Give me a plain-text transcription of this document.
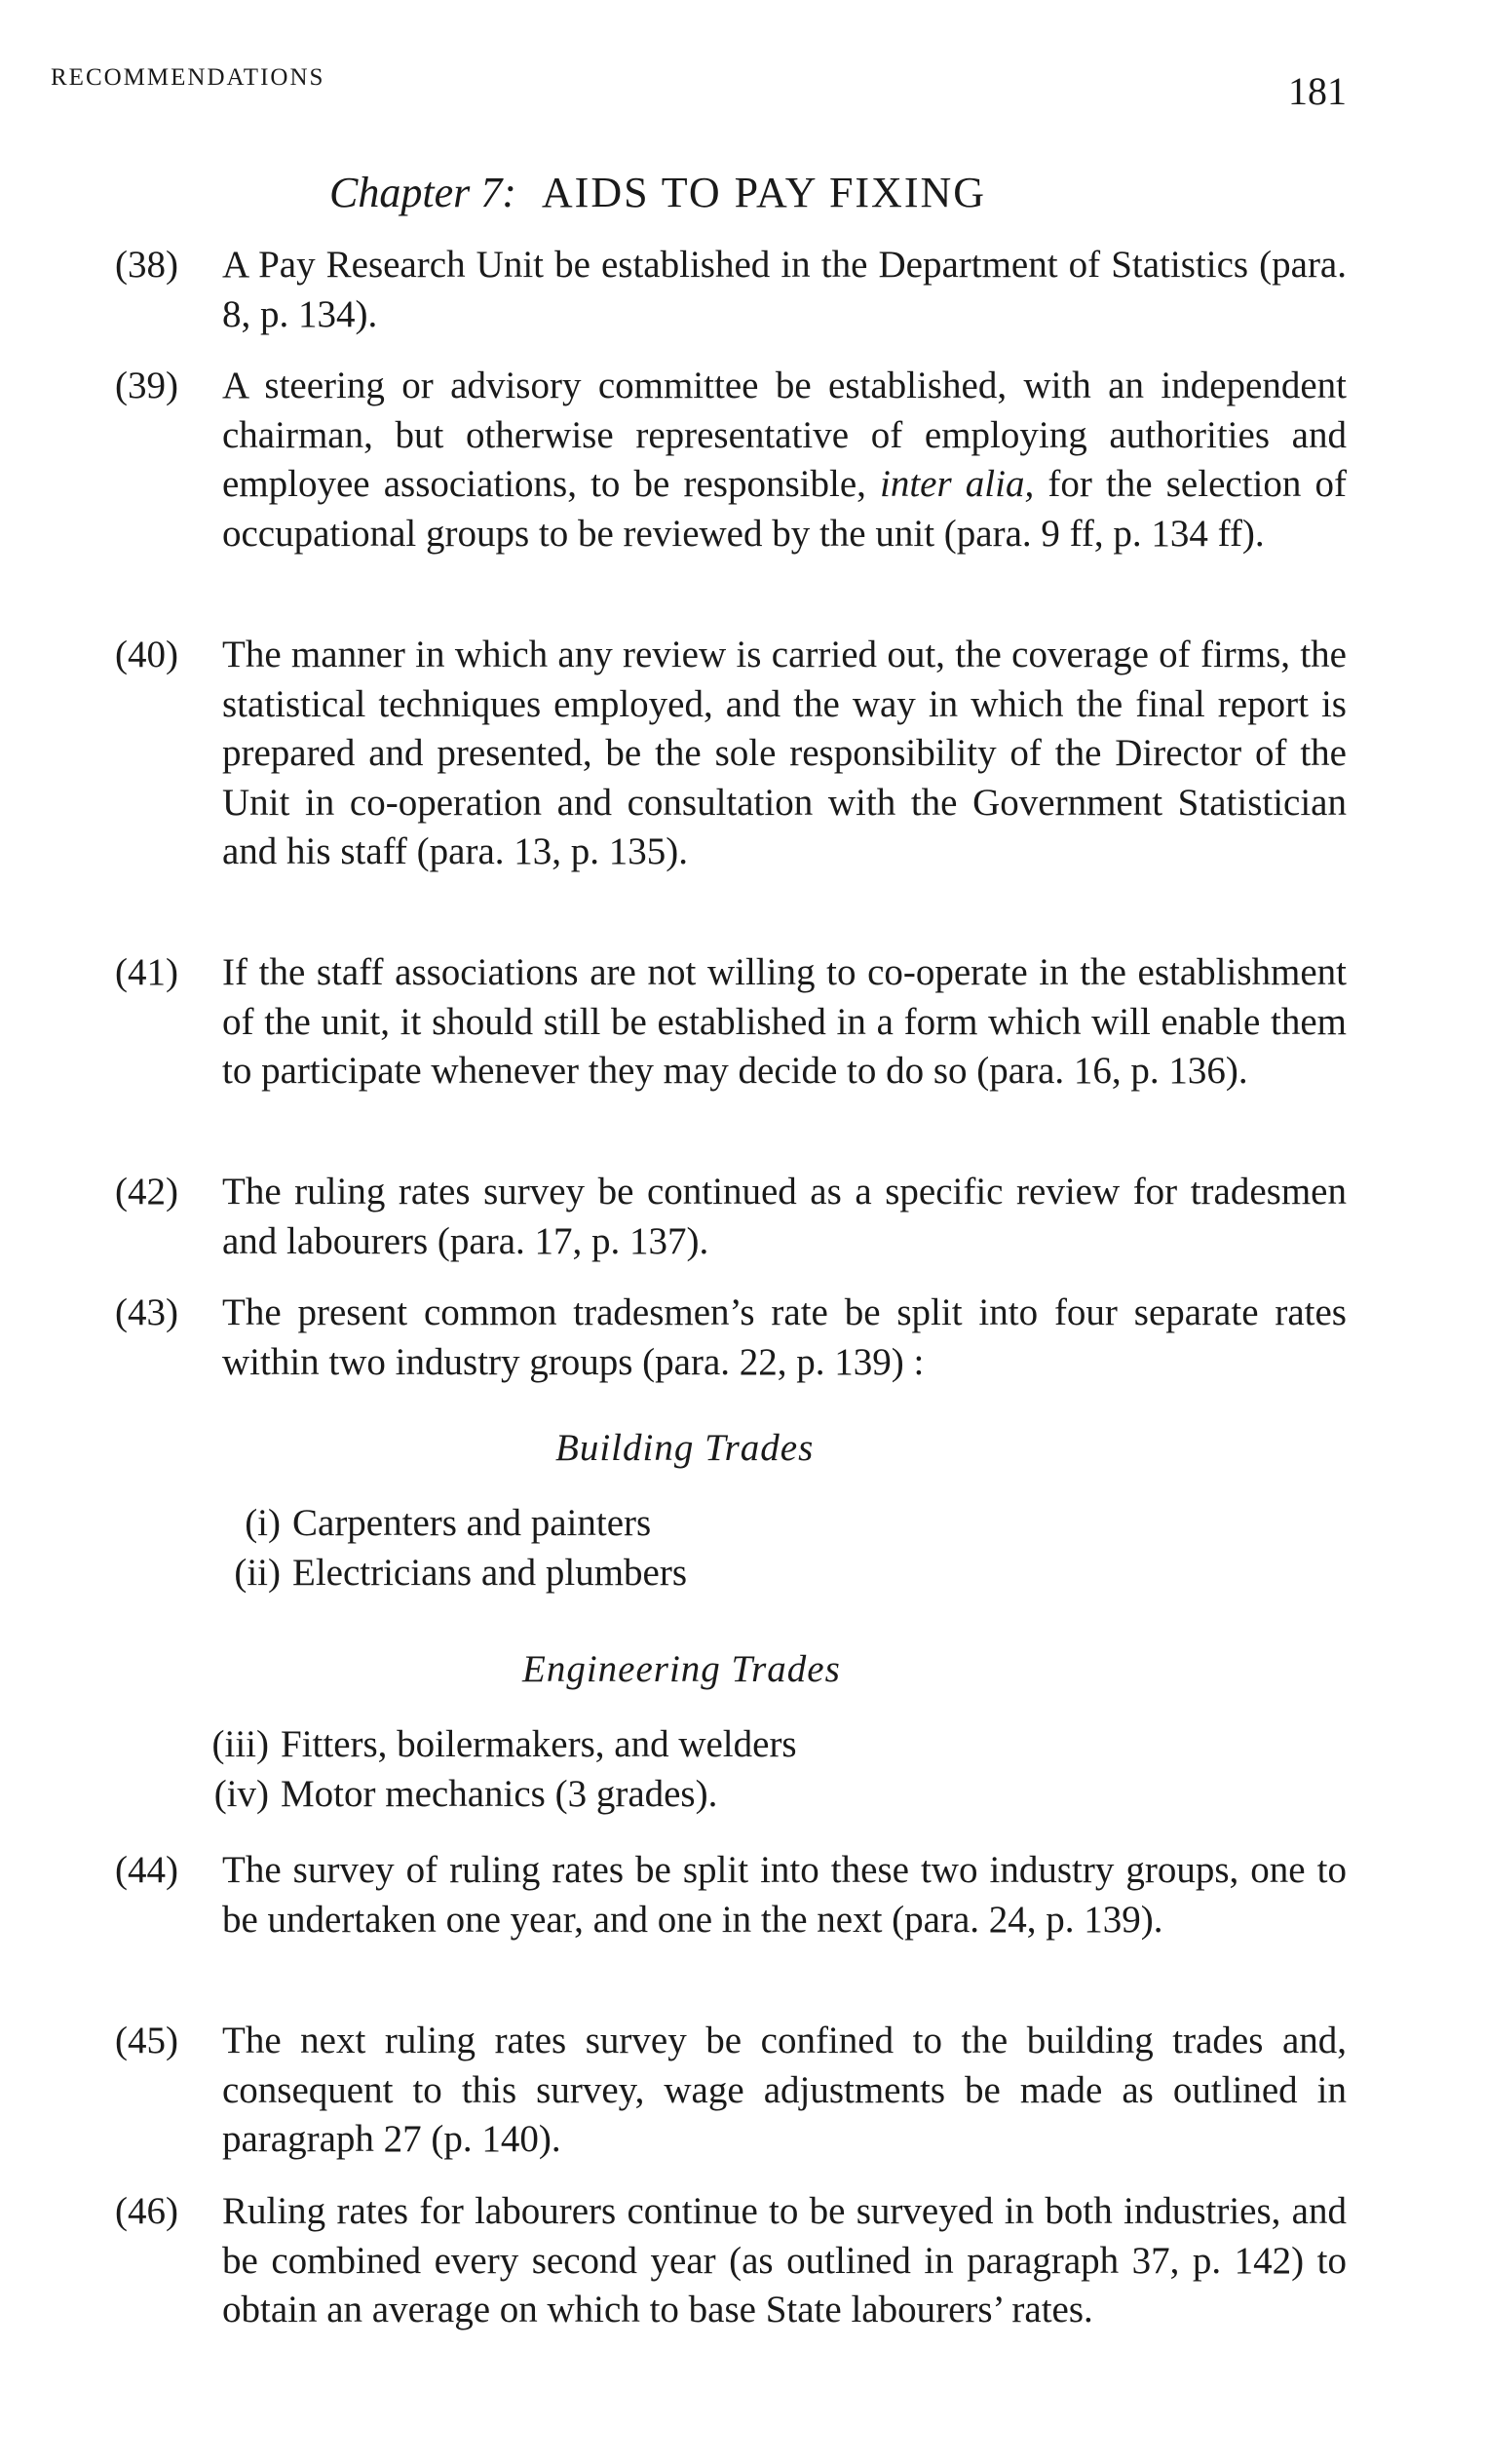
RECOMMENDATIONS	181
Chapter 7: AIDS TO PAY FIXING
(38)	A Pay Research Unit be established in the Department of Statistics (para. 8, p. 134).
(39)	A steering or advisory committee be established, with an independent chairman, but otherwise representative of employing authorities and employee associations, to be responsible, inter alia, for the selection of occupational groups to be reviewed by the unit (para. 9 ff, p. 134 ff).
(40)	The manner in which any review is carried out, the coverage of firms, the statistical techniques employed, and the way in which the final report is prepared and presented, be the sole responsibility of the Director of the Unit in co-operation and consultation with the Government Statistician and his staff (para. 13, p. 135).
(41)	If the staff associations are not willing to co-operate in the establishment of the unit, it should still be established in a form which will enable them to participate whenever they may decide to do so (para. 16, p. 136).
(42)	The ruling rates survey be continued as a specific review for tradesmen and labourers (para. 17, p. 137).
(43)	The present common tradesmen’s rate be split into four separate rates within two industry groups (para. 22, p. 139) :
Building Trades
(i) Carpenters and painters
(ii) Electricians and plumbers
Engineering Trades
(iii) Fitters, boilermakers, and welders
(iv) Motor mechanics (3 grades).
(44)	The survey of ruling rates be split into these two industry groups, one to be undertaken one year, and one in the next (para. 24, p. 139).
(45)	The next ruling rates survey be confined to the building trades and, consequent to this survey, wage adjustments be made as outlined in paragraph 27 (p. 140).
(46)	Ruling rates for labourers continue to be surveyed in both industries, and be combined every second year (as outlined in paragraph 37, p. 142) to obtain an average on which to base State labourers’ rates.
